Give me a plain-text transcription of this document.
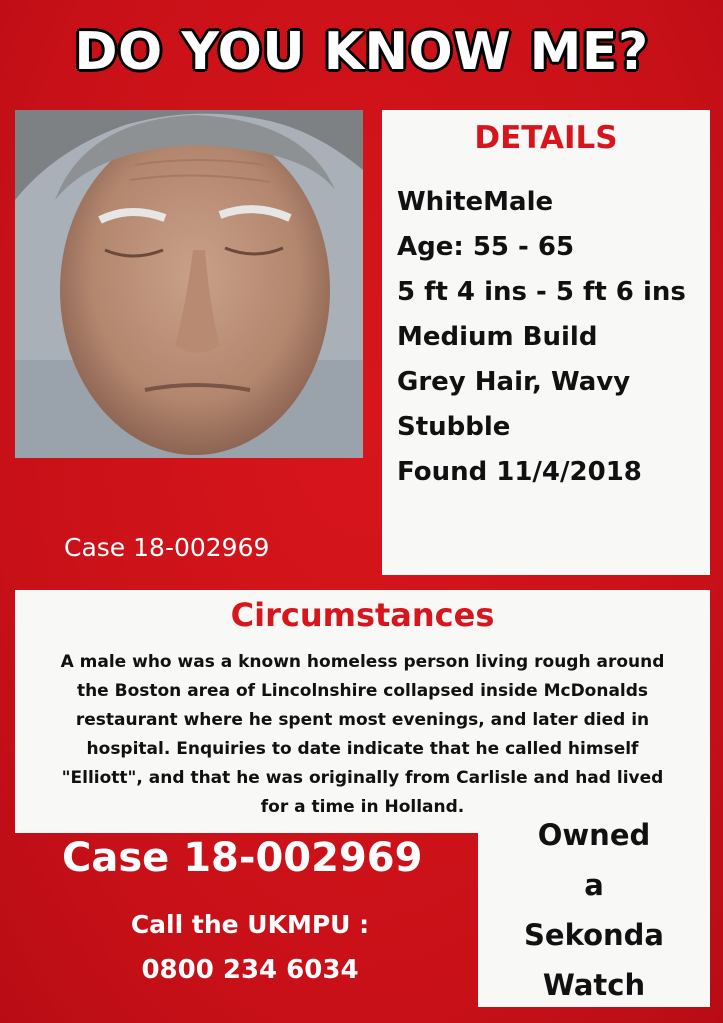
DO YOU KNOW ME?
Case 18-002969
DETAILS
WhiteMale
Age: 55 - 65
5 ft 4 ins - 5 ft 6 ins
Medium Build
Grey Hair, Wavy
Stubble
Found 11/4/2018
Circumstances

A male who was a known homeless person living rough around
the Boston area of Lincolnshire collapsed inside McDonalds
restaurant where he spent most evenings, and later died in
hospital. Enquiries to date indicate that he called himself
"Elliott", and that he was originally from Carlisle and had lived
for a time in Holland.

Owned
a
Sekonda
Watch
Case 18-002969
Call the UKMPU :
0800 234 6034
